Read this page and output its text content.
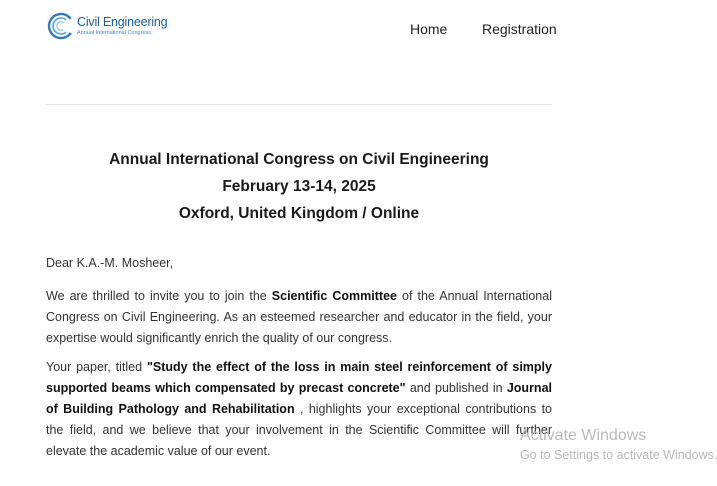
Civil Engineering
Annual International Congress	Home Registration
Annual International Congress on Civil Engineering
February 13-14, 2025
Oxford, United Kingdom / Online
Dear K.A.-M. Mosheer,

We are thrilled to invite you to join the Scientific Committee of the Annual International Congress on Civil Engineering. As an esteemed researcher and educator in the field, your expertise would significantly enrich the quality of our congress.

Your paper, titled "Study the effect of the loss in main steel reinforcement of simply supported beams which compensated by precast concrete" and published in Journal of Building Pathology and Rehabilitation , highlights your exceptional contributions to the field, and we believe that your involvement in the Scientific Committee will further elevate the academic value of our event.

Activate Windows
Go to Settings to activate Windows.
